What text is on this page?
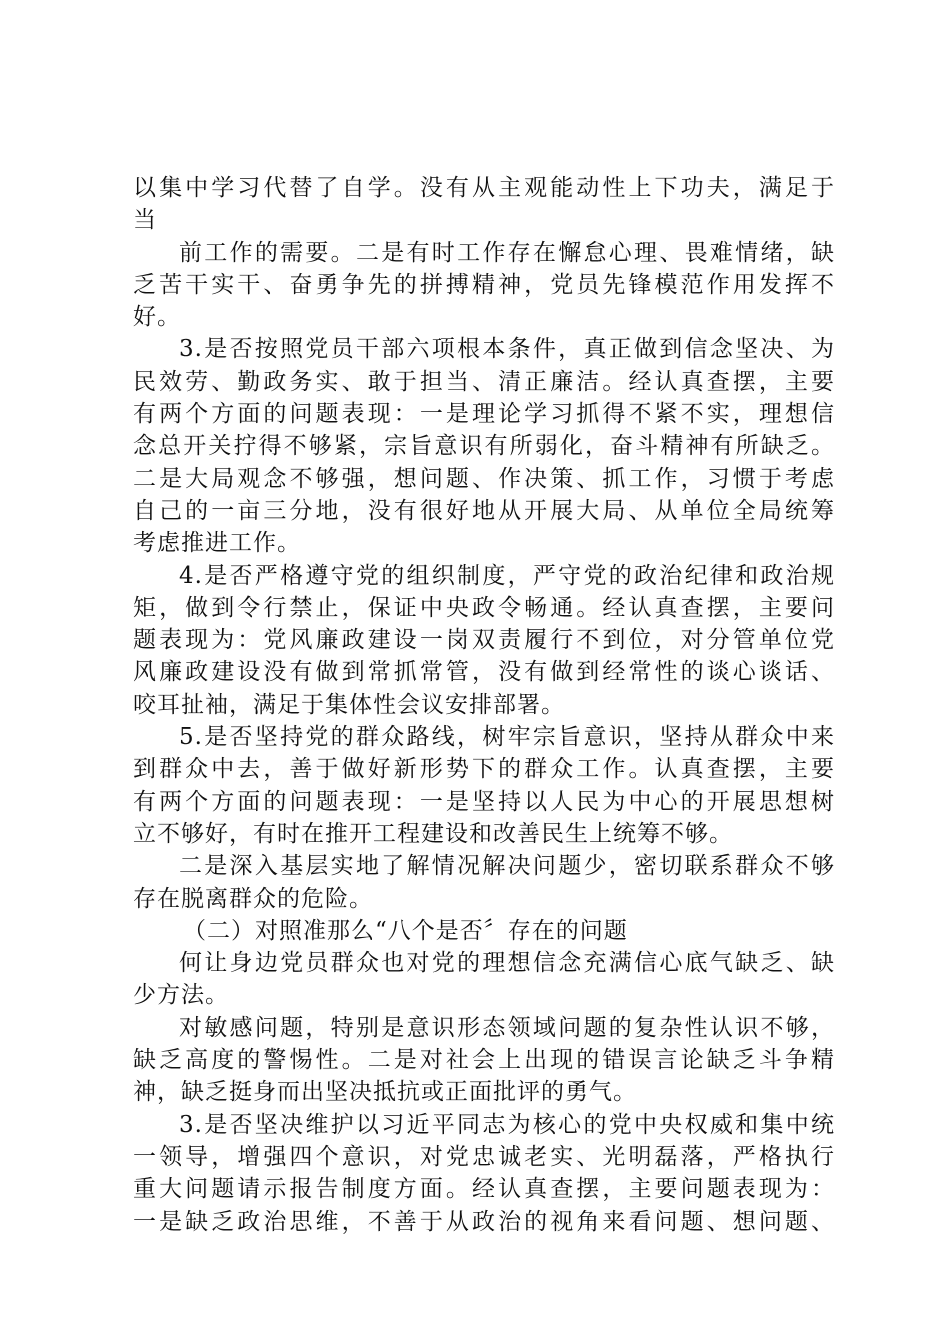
以集中学习代替了自学。没有从主观能动性上下功夫，满足于
当
前工作的需要。二是有时工作存在懈怠心理、畏难情绪，缺
乏苦干实干、奋勇争先的拼搏精神，党员先锋模范作用发挥不
好。
3.是否按照党员干部六项根本条件，真正做到信念坚决、为
民效劳、勤政务实、敢于担当、清正廉洁。经认真查摆，主要
有两个方面的问题表现：一是理论学习抓得不紧不实，理想信
念总开关拧得不够紧，宗旨意识有所弱化，奋斗精神有所缺乏。
二是大局观念不够强，想问题、作决策、抓工作，习惯于考虑
自己的一亩三分地，没有很好地从开展大局、从单位全局统筹
考虑推进工作。
4.是否严格遵守党的组织制度，严守党的政治纪律和政治规
矩，做到令行禁止，保证中央政令畅通。经认真查摆，主要问
题表现为：党风廉政建设一岗双责履行不到位，对分管单位党
风廉政建设没有做到常抓常管，没有做到经常性的谈心谈话、
咬耳扯袖，满足于集体性会议安排部署。
5.是否坚持党的群众路线，树牢宗旨意识，坚持从群众中来
到群众中去，善于做好新形势下的群众工作。认真查摆，主要
有两个方面的问题表现：一是坚持以人民为中心的开展思想树
立不够好，有时在推开工程建设和改善民生上统筹不够。
二是深入基层实地了解情况解决问题少，密切联系群众不够
存在脱离群众的危险。
（二）对照准那么“八个是否〞存在的问题
何让身边党员群众也对党的理想信念充满信心底气缺乏、缺
少方法。
对敏感问题，特别是意识形态领域问题的复杂性认识不够，
缺乏高度的警惕性。二是对社会上出现的错误言论缺乏斗争精
神，缺乏挺身而出坚决抵抗或正面批评的勇气。
3.是否坚决维护以习近平同志为核心的党中央权威和集中统
一领导，增强四个意识，对党忠诚老实、光明磊落，严格执行
重大问题请示报告制度方面。经认真查摆，主要问题表现为：
一是缺乏政治思维，不善于从政治的视角来看问题、想问题、
